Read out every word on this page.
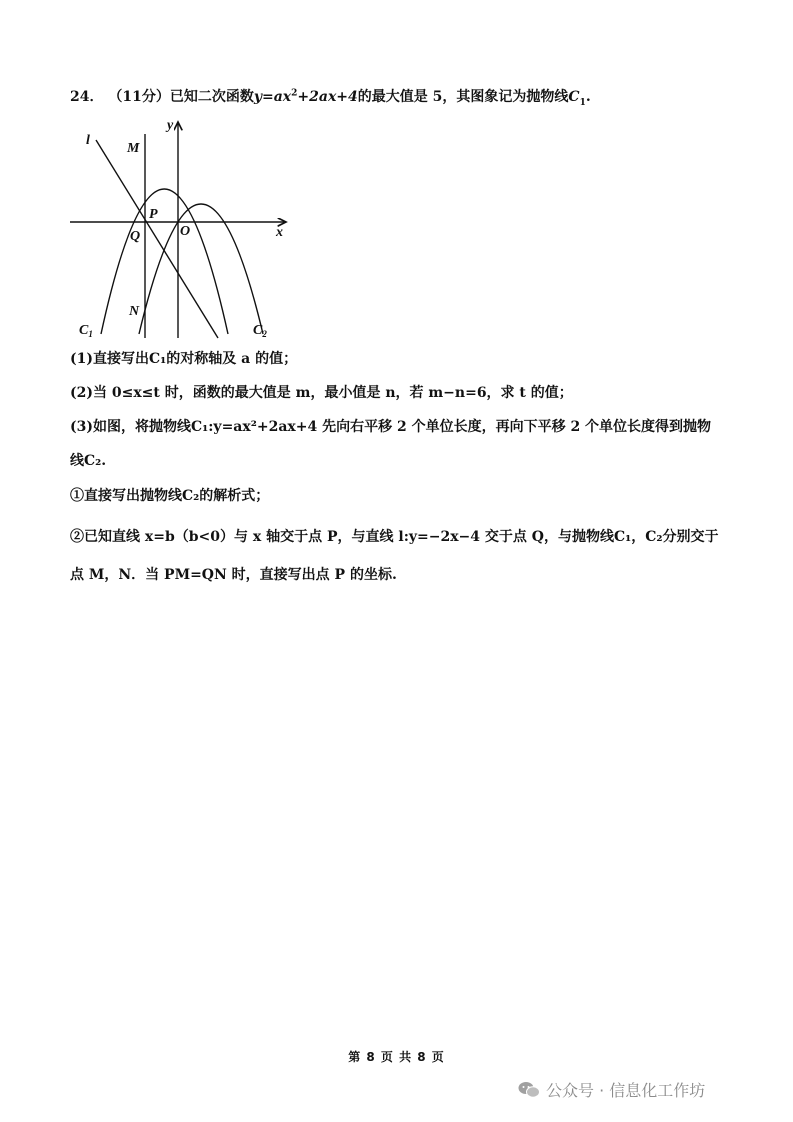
24． （11分）已知二次函数$y=ax^2+2ax+4$的最大值是 5，其图象记为抛物线$C_1$.
l
y
M
P
Q	O	x
N
$C_1$	$C_2$
(1)直接写出C₁的对称轴及 a 的值；
(2)当 0≤x≤t 时，函数的最大值是 m，最小值是 n，若 m−n=6，求 t 的值；
(3)如图，将抛物线C₁:y=ax²+2ax+4 先向右平移 2 个单位长度，再向下平移 2 个单位长度得到抛物
线C₂.
①直接写出抛物线C₂的解析式；
②已知直线 x=b（b<0）与 x 轴交于点 P，与直线 l:y=−2x−4 交于点 Q，与抛物线C₁，C₂分别交于
点 M，N．当 PM=QN 时，直接写出点 P 的坐标.
第 8 页 共 8 页
公众号 · 信息化工作坊
